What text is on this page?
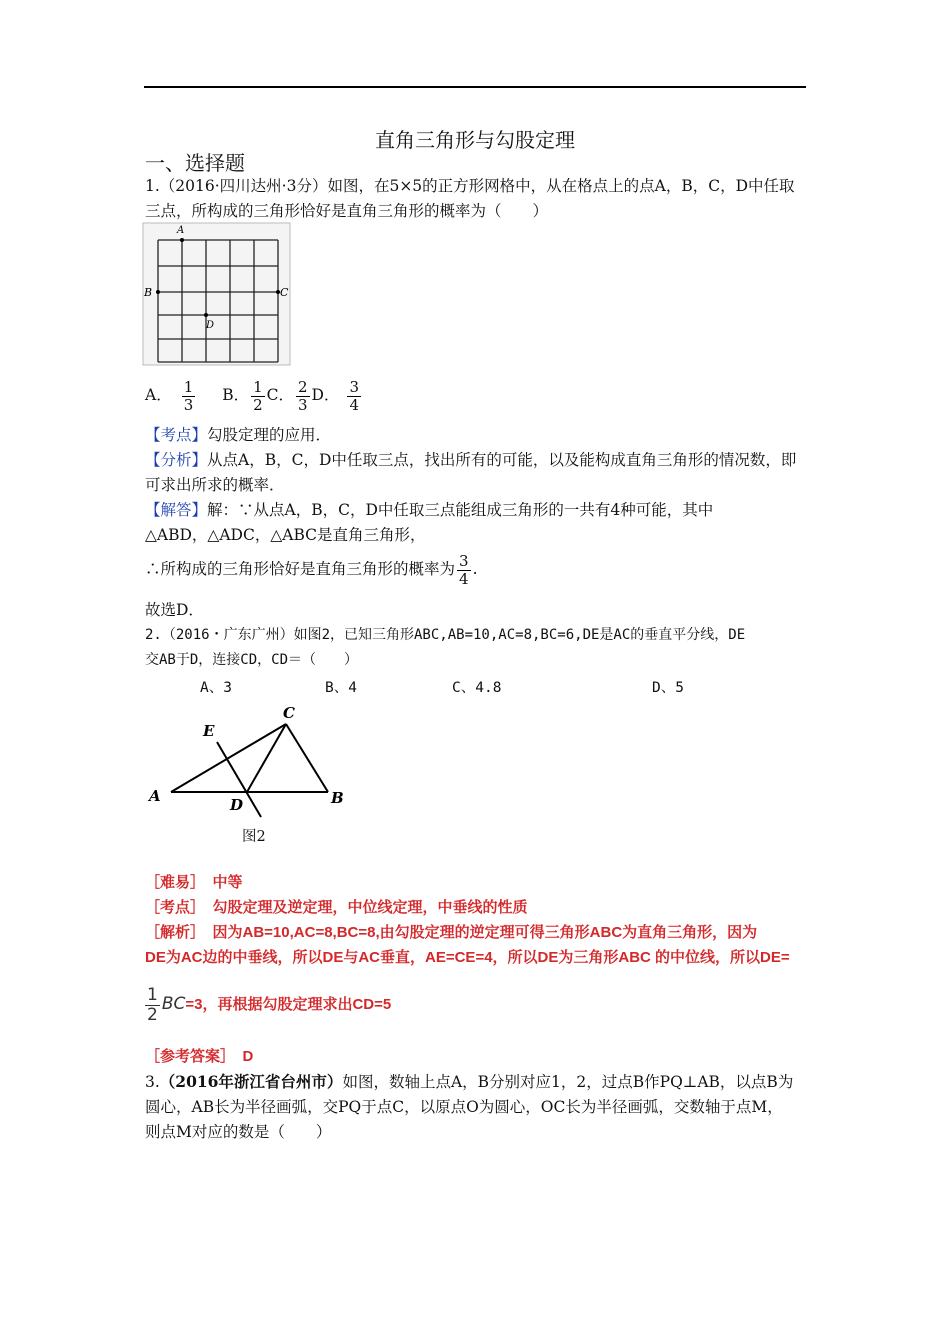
直角三角形与勾股定理
一、选择题
1.（2016·四川达州·3分）如图，在5×5的正方形网格中，从在格点上的点A，B，C，D中任取
三点，所构成的三角形恰好是直角三角形的概率为（　　）
A
B	C
D
A． $\frac{1}{3}$ B． $\frac{1}{2}$ C． $\frac{2}{3}$ D． $\frac{3}{4}$
【考点】勾股定理的应用．
【分析】从点A，B，C，D中任取三点，找出所有的可能，以及能构成直角三角形的情况数，即
可求出所求的概率．
【解答】解：∵从点A，B，C，D中任取三点能组成三角形的一共有4种可能，其中
△ABD，△ADC，△ABC是直角三角形，
∴所构成的三角形恰好是直角三角形的概率为 $\frac{3}{4}$ .
故选D．
2.（2016・广东广州）如图2，已知三角形ABC,AB=10,AC=8,BC=6,DE是AC的垂直平分线，DE
交AB于D，连接CD，CD＝（　　）
A、3	B、4	C、4.8	D、5
C
E
A	D	B
图2
［难易］　中等
［考点］　勾股定理及逆定理，中位线定理，中垂线的性质
［解析］　因为AB=10,AC=8,BC=8,由勾股定理的逆定理可得三角形ABC为直角三角形，因为
DE为AC边的中垂线，所以DE与AC垂直，AE=CE=4，所以DE为三角形ABC 的中位线，所以DE=
$\frac{1}{2} BC=3$，再根据勾股定理求出CD=5
［参考答案］　D
3.（2016年浙江省台州市）如图，数轴上点A，B分别对应1，2，过点B作PQ⊥AB，以点B为
圆心，AB长为半径画弧，交PQ于点C，以原点O为圆心，OC长为半径画弧，交数轴于点M，
则点M对应的数是（　　）
